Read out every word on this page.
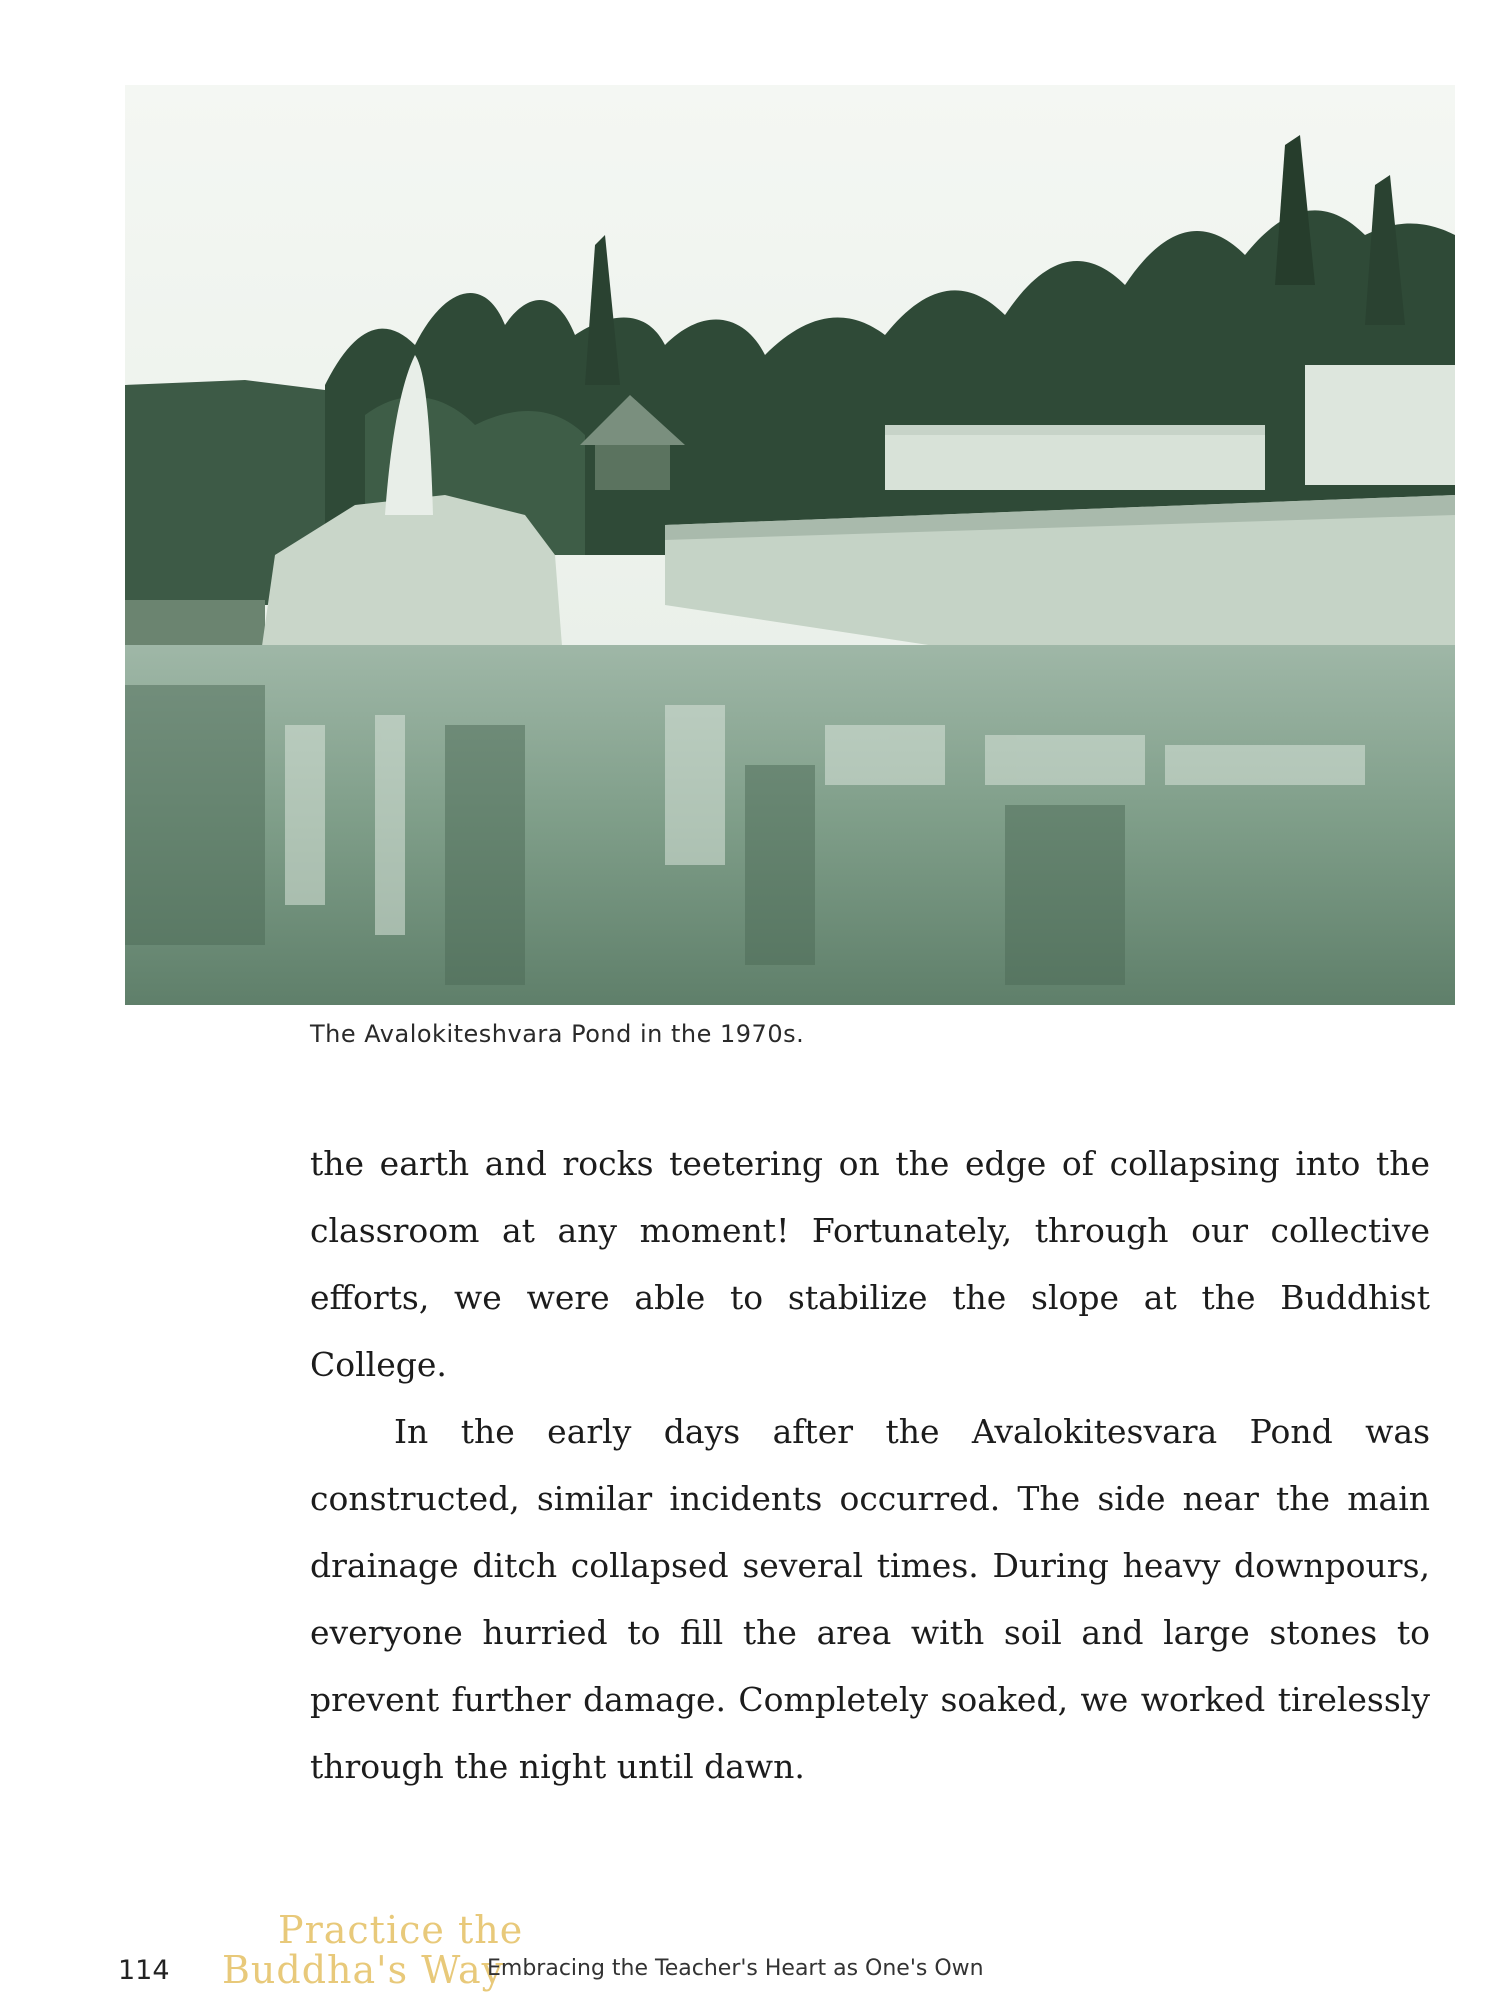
The Avalokiteshvara Pond in the 1970s.

the earth and rocks teetering on the edge of collapsing into the classroom at any moment! Fortunately, through our collective efforts, we were able to stabilize the slope at the Buddhist College.

In the early days after the Avalokitesvara Pond was constructed, similar incidents occurred. The side near the main drainage ditch collapsed several times. During heavy downpours, everyone hurried to fill the area with soil and large stones to prevent further damage. Completely soaked, we worked tirelessly through the night until dawn.

Practice the
Buddha's Way
114	Embracing the Teacher's Heart as One's Own
